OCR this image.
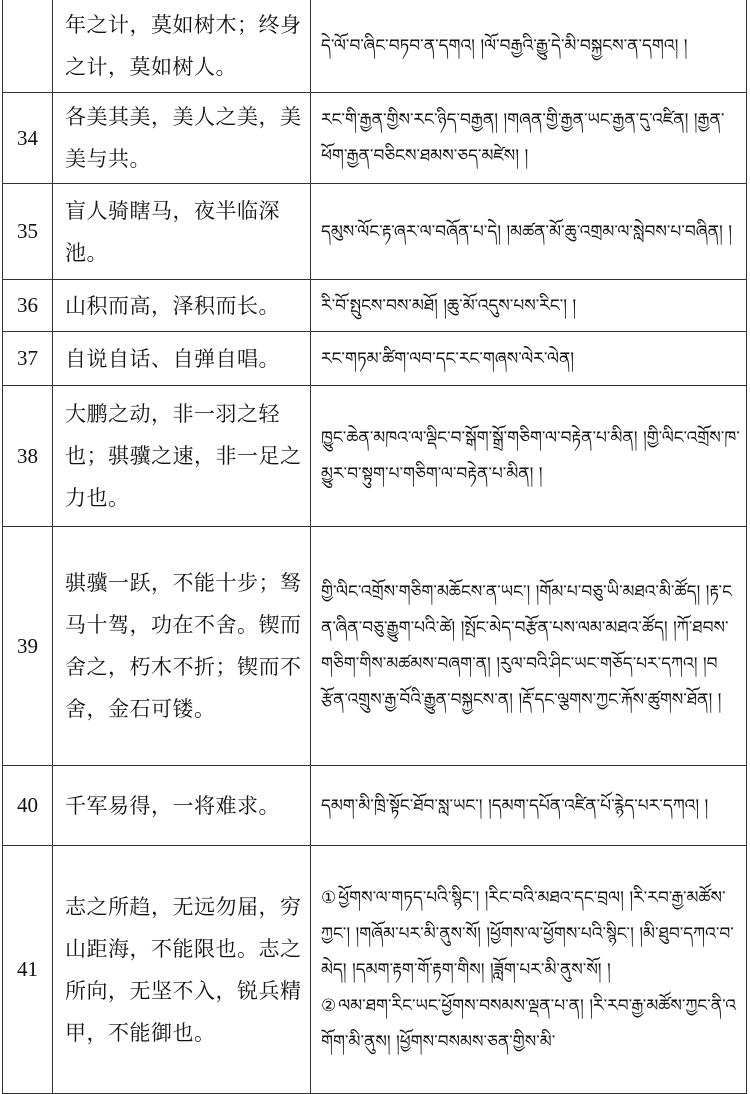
	年之计，莫如树木；终身之计，莫如树人。	དེ་ལོ་བ་ཞིང་བཏབ་ན་དགའ། །ལོ་བརྒྱའི་རྒྱུ་དེ་མི་བསྐྱངས་ན་དགའ། །
34	各美其美，美人之美，美美与共。	རང་གི་རྒྱན་གྱིས་རང་ཉིད་བརྒྱན། །གཞན་གྱི་རྒྱན་ཡང་རྒྱན་དུ་འཛིན། །རྒྱན་ཕོག་རྒྱན་བཅིངས་ཐམས་ཅད་མཛེས། །
35	盲人骑瞎马，夜半临深池。	དམུས་ལོང་རྟ་ཞར་ལ་བཞོན་པ་དེ། །མཚན་མོ་ཆུ་འགྲམ་ལ་སླེབས་པ་བཞིན། །
36	山积而高，泽积而长。	རི་བོ་སྤུངས་བས་མཐོ། །ཆུ་མོ་འདུས་པས་རིང་། །
37	自说自话、自弹自唱。	རང་གཏམ་ཚིག་ལབ་དང་རང་གཞས་ལེར་ལེན།
38	大鹏之动，非一羽之轻也；骐骥之速，非一足之力也。	ཁྱུང་ཆེན་མཁའ་ལ་ལྡིང་བ་སྒོག་སྒྲོ་གཅིག་ལ་བརྟེན་པ་མིན། །གྱི་ལིང་འགྲོས་ཁ་མྱུར་བ་སྟུག་པ་གཅིག་ལ་བརྟེན་པ་མིན། །
39	骐骥一跃，不能十步；驽马十驾，功在不舍。锲而舍之，朽木不折；锲而不舍，金石可镂。	གྱི་ལིང་འགྲོས་གཅིག་མཆོངས་ན་ཡང་། །གོམ་པ་བཅུ་ཡི་མཐའ་མི་ཚོད། །རྟ་ངན་ཞིན་བཅུ་རྒྱུག་པའི་ཚེ། །སྤོང་མེད་བརྩོན་པས་ལམ་མཐའ་ཚོད། །ཀོ་ཐབས་གཅིག་གིས་མཚམས་བཞག་ན། །རུལ་བའི་ཤིང་ཡང་གཅོད་པར་དཀའ། །བརྩོན་འགྲུས་རྒྱ་བོའི་རྒྱུན་བསྐྱངས་ན། །རྡོ་དང་ལྕགས་ཀྱང་རྐོས་ཚུགས་ཐོན། །
40	千军易得，一将难求。	དམག་མི་ཁྲི་སྟོང་ཐོབ་སླ་ཡང་། །དམག་དཔོན་འཛིན་པོ་རྙེད་པར་དཀའ། །
41	志之所趋，无远勿届，穷山距海，不能限也。志之所向，无坚不入，锐兵精甲，不能御也。	① ཕྱོགས་ལ་གཏད་པའི་སྙིང་། །རིང་བའི་མཐའ་དང་བྲལ། །རི་རབ་རྒྱ་མཚོས་ཀྱང་། །གཞོམ་པར་མི་ནུས་སོ། །ཕྱོགས་ལ་ཕྱོགས་པའི་སྙིང་། །མི་ཐུབ་དཀའ་བ་མེད། །དམག་རྟག་གོ་རྟག་གིས། །ཟློག་པར་མི་ནུས་སོ། །
② ལམ་ཐག་རིང་ཡང་ཕྱོགས་བསམས་ལྡན་པ་ན། །རི་རབ་རྒྱ་མཚོས་ཀྱང་ནི་འགོག་མི་ནུས། །ཕྱོགས་བསམས་ཅན་གྱིས་མི་
